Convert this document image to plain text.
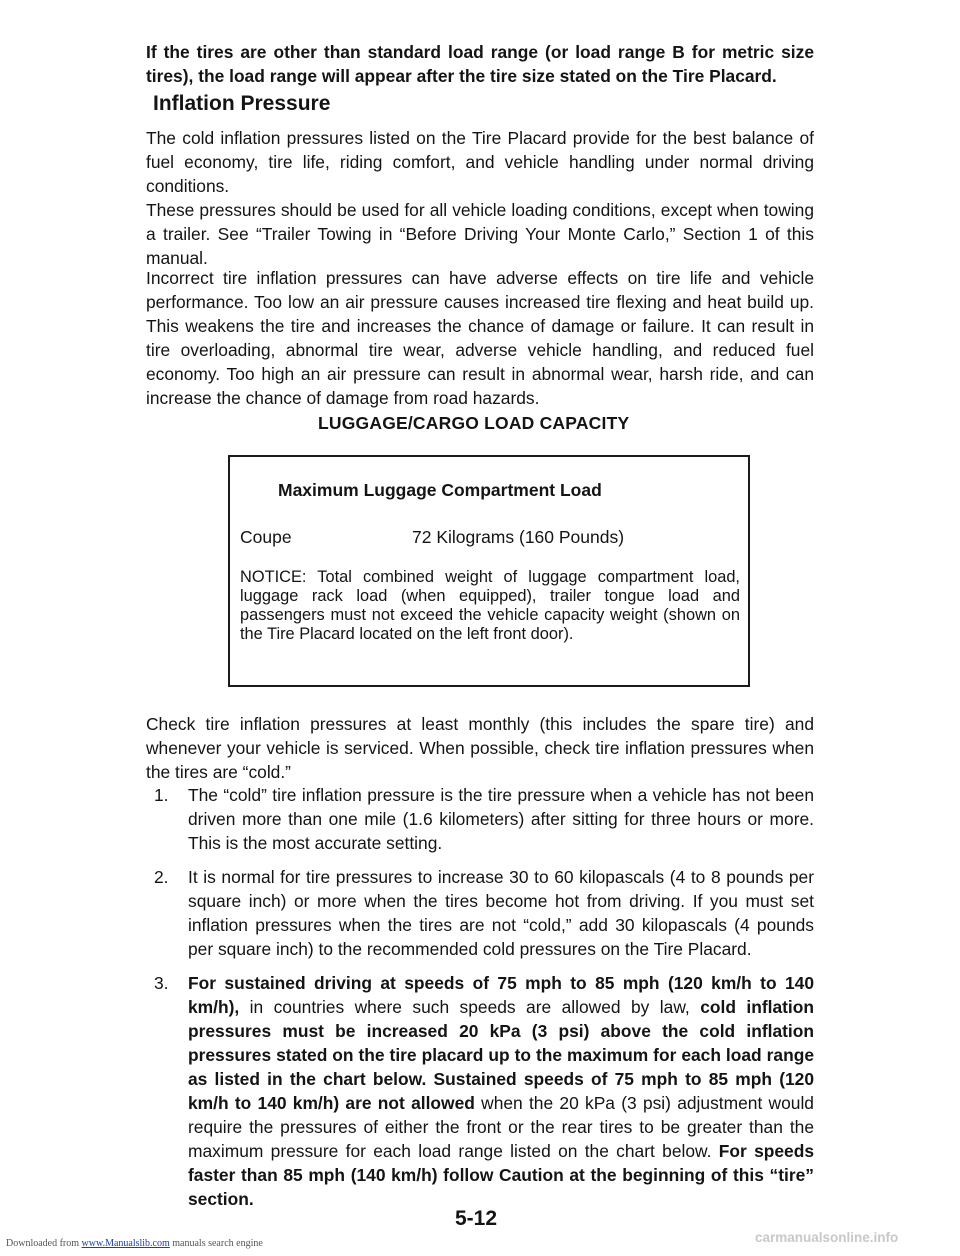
If the tires are other than standard load range (or load range B for metric size tires), the load range will appear after the tire size stated on the Tire Placard.

Inflation Pressure

The cold inflation pressures listed on the Tire Placard provide for the best balance of fuel economy, tire life, riding comfort, and vehicle handling under normal driving conditions.

These pressures should be used for all vehicle loading conditions, except when towing a trailer. See “Trailer Towing in “Before Driving Your Monte Carlo,” Section 1 of this manual.

Incorrect tire inflation pressures can have adverse effects on tire life and vehicle performance. Too low an air pressure causes increased tire flexing and heat build up. This weakens the tire and increases the chance of damage or failure. It can result in tire overloading, abnormal tire wear, adverse vehicle handling, and reduced fuel economy. Too high an air pressure can result in abnormal wear, harsh ride, and can increase the chance of damage from road hazards.

LUGGAGE/CARGO LOAD CAPACITY

Maximum Luggage Compartment Load

Coupe	72 Kilograms (160 Pounds)

NOTICE: Total combined weight of luggage compartment load, luggage rack load (when equipped), trailer tongue load and passengers must not exceed the vehicle capacity weight (shown on the Tire Placard located on the left front door).

Check tire inflation pressures at least monthly (this includes the spare tire) and whenever your vehicle is serviced. When possible, check tire inflation pressures when the tires are “cold.”

1. The “cold” tire inflation pressure is the tire pressure when a vehicle has not been driven more than one mile (1.6 kilometers) after sitting for three hours or more. This is the most accurate setting.
2. It is normal for tire pressures to increase 30 to 60 kilopascals (4 to 8 pounds per square inch) or more when the tires become hot from driving. If you must set inflation pressures when the tires are not “cold,” add 30 kilopascals (4 pounds per square inch) to the recommended cold pressures on the Tire Placard.
3. For sustained driving at speeds of 75 mph to 85 mph (120 km/h to 140 km/h), in countries where such speeds are allowed by law, cold inflation pressures must be increased 20 kPa (3 psi) above the cold inflation pressures stated on the tire placard up to the maximum for each load range as listed in the chart below. Sustained speeds of 75 mph to 85 mph (120 km/h to 140 km/h) are not allowed when the 20 kPa (3 psi) adjustment would require the pressures of either the front or the rear tires to be greater than the maximum pressure for each load range listed on the chart below. For speeds faster than 85 mph (140 km/h) follow Caution at the beginning of this “tire” section.

5-12

Downloaded from www.Manualslib.com manuals search engine	carmanualsonline.info
